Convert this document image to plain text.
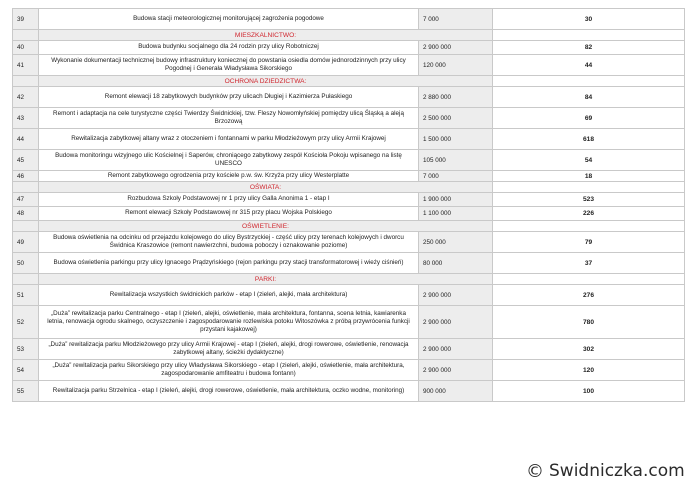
39	Budowa stacji meteorologicznej monitorującej zagrożenia pogodowe	7 000	30
	MIESZKALNICTWO:		
40	Budowa budynku socjalnego dla 24 rodzin przy ulicy Robotniczej	2 900 000	82
41	Wykonanie dokumentacji technicznej budowy infrastruktury koniecznej do powstania osiedla domów jednorodzinnych przy ulicy Pogodnej i Generała Władysława Sikorskiego	120 000	44
	OCHRONA DZIEDZICTWA:		
42	Remont elewacji 18 zabytkowych budynków przy ulicach Długiej i Kazimierza Pułaskiego	2 880 000	84
43	Remont i adaptacja na cele turystyczne części Twierdzy Świdnickiej, tzw. Fleszy Nowomłyńskiej pomiędzy ulicą Śląską a aleją Brzozową	2 500 000	69
44	Rewitalizacja zabytkowej altany wraz z otoczeniem i fontannami w parku Młodzieżowym przy ulicy Armii Krajowej	1 500 000	618
45	Budowa monitoringu wizyjnego ulic Kościelnej i Saperów, chroniącego zabytkowy zespół Kościoła Pokoju wpisanego na listę UNESCO	105 000	54
46	Remont zabytkowego ogrodzenia przy kościele p.w. św. Krzyża przy ulicy Westerplatte	7 000	18
	OŚWIATA:		
47	Rozbudowa Szkoły Podstawowej nr 1 przy ulicy Galla Anonima 1 - etap I	1 900 000	523
48	Remont elewacji Szkoły Podstawowej nr 315 przy placu Wojska Polskiego	1 100 000	226
	OŚWIETLENIE:		
49	Budowa oświetlenia na odcinku od przejazdu kolejowego do ulicy Bystrzyckiej - część ulicy przy terenach kolejowych i dworcu Świdnica Kraszowice (remont nawierzchni, budowa poboczy i oznakowanie poziome)	250 000	79
50	Budowa oświetlenia parkingu przy ulicy Ignacego Prądzyńskiego (rejon parkingu przy stacji transformatorowej i wieży ciśnień)	80 000	37
	PARKI:		
51	Rewitalizacja wszystkich świdnickich parków - etap I (zieleń, alejki, mała architektura)	2 900 000	276
52	„Duża” rewitalizacja parku Centralnego - etap I (zieleń, alejki, oświetlenie, mała architektura, fontanna, scena letnia, kawiarenka letnia, renowacja ogrodu skalnego, oczyszczenie i zagospodarowanie rozlewiska potoku Witoszówka z próbą przywrócenia funkcji przystani kajakowej)	2 900 000	780
53	„Duża” rewitalizacja parku Młodzieżowego przy ulicy Armii Krajowej - etap I (zieleń, alejki, drogi rowerowe, oświetlenie, renowacja zabytkowej altany, ścieżki dydaktyczne)	2 900 000	302
54	„Duża” rewitalizacja parku Sikorskiego przy ulicy Władysława Sikorskiego - etap I (zieleń, alejki, oświetlenie, mała architektura, zagospodarowanie amfiteatru i budowa fontann)	2 900 000	120
55	Rewitalizacja parku Strzelnica - etap I (zieleń, alejki, drogi rowerowe, oświetlenie, mała architektura, oczko wodne, monitoring)	900 000	100
© Swidniczka.com
